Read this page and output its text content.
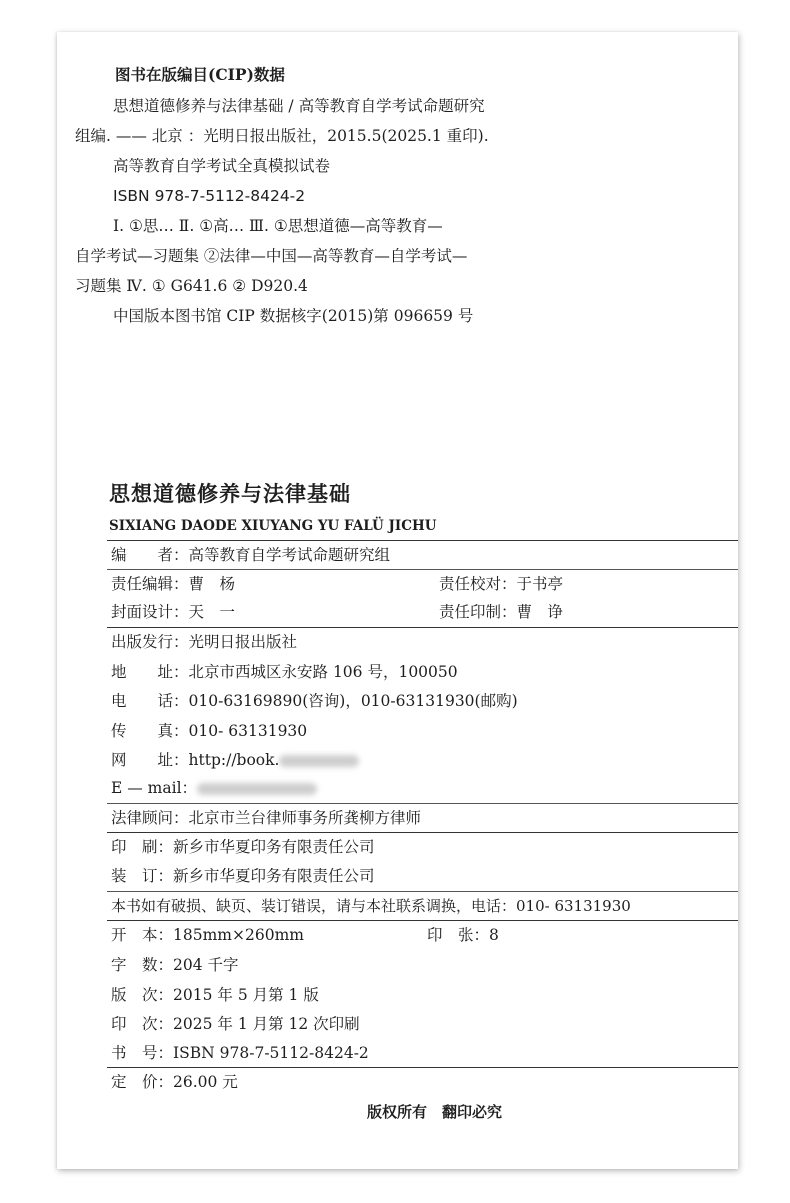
图书在版编目(CIP)数据
思想道德修养与法律基础 / 高等教育自学考试命题研究
组编. —— 北京 ：光明日报出版社，2015.5(2025.1 重印).
高等教育自学考试全真模拟试卷
ISBN 978-7-5112-8424-2
Ⅰ. ①思… Ⅱ. ①高… Ⅲ. ①思想道德—高等教育—
自学考试—习题集 ②法律—中国—高等教育—自学考试—
习题集 Ⅳ. ① G641.6 ② D920.4
中国版本图书馆 CIP 数据核字(2015)第 096659 号
思想道德修养与法律基础
SIXIANG DAODE XIUYANG YU FALÜ JICHU
编　　者：高等教育自学考试命题研究组
责任编辑：曹　杨	责任校对：于书亭
封面设计：天　一	责任印制：曹　诤
出版发行：光明日报出版社
地　　址：北京市西城区永安路 106 号，100050
电　　话：010-63169890(咨询)，010-63131930(邮购)
传　　真：010- 63131930
网　　址：http://book.
E — mail：
法律顾问：北京市兰台律师事务所龚柳方律师
印　刷：新乡市华夏印务有限责任公司
装　订：新乡市华夏印务有限责任公司
本书如有破损、缺页、装订错误，请与本社联系调换，电话：010- 63131930
开　本：185mm×260mm	印　张：8
字　数：204 千字
版　次：2015 年 5 月第 1 版
印　次：2025 年 1 月第 12 次印刷
书　号：ISBN 978-7-5112-8424-2
定　价：26.00 元
版权所有　翻印必究
